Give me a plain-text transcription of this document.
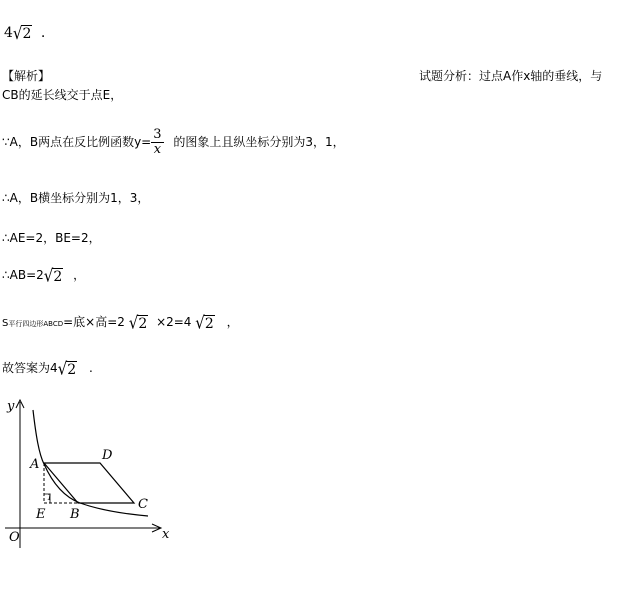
4√2 .
【解析】	试题分析：过点A作x轴的垂线，与
CB的延长线交于点E，
∵A，B两点在反比例函数$y= \frac{3}{x}$ 的图象上且纵坐标分别为3，1，
∴A，B横坐标分别为1，3，
∴AE=2，BE=2，
∴AB=2√2 ，
S平行四边形ABCD=底×高=2 √2 ×2=4 √2 ，
故答案为4√2 .
y
x
O
A
D
B
C
E
1
